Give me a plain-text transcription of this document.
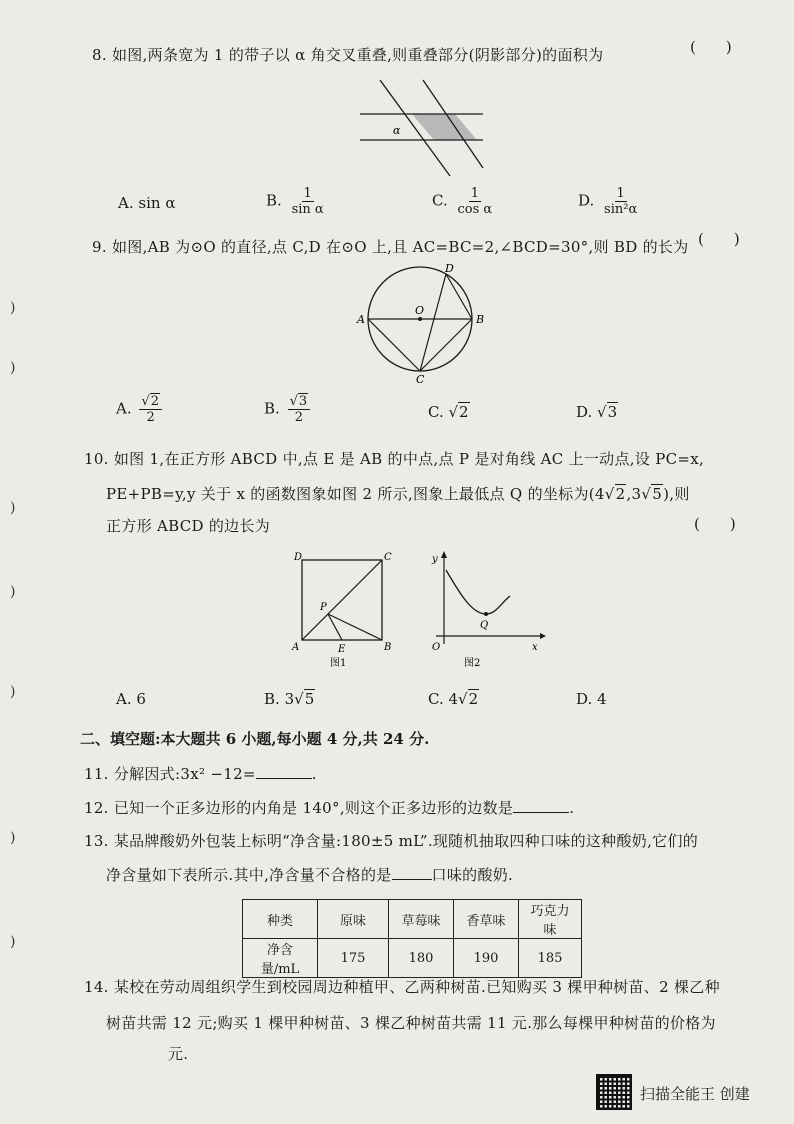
8. 如图,两条宽为 1 的带子以 α 角交叉重叠,则重叠部分(阴影部分)的面积为	(　　)
α
A. sin α	B. $\frac{1}{\text{sin α}}$	C. $\frac{1}{\text{cos α}}$	D. $\frac{1}{\text{sin²α}}$
9. 如图,AB 为⊙O 的直径,点 C,D 在⊙O 上,且 AC=BC=2,∠BCD=30°,则 BD 的长为 (　　)
A	B
C
D
O
A. $\frac{√2}{2}$	B. $\frac{√3}{2}$	C. √2	D. √3
10. 如图 1,在正方形 ABCD 中,点 E 是 AB 的中点,点 P 是对角线 AC 上一动点,设 PC=x,
PE+PB=y,y 关于 x 的函数图象如图 2 所示,图象上最低点 Q 的坐标为(4√2,3√5),则
正方形 ABCD 的边长为	(　　)
A	B
C
D
E
P
图1
y
x
O
Q
图2
A. 6	B. 3√5	C. 4√2	D. 4
二、填空题:本大题共 6 小题,每小题 4 分,共 24 分.
11. 分解因式:3x² −12=	.
12. 已知一个正多边形的内角是 140°,则这个正多边形的边数是	.
13. 某品牌酸奶外包装上标明“净含量:180±5 mL”.现随机抽取四种口味的这种酸奶,它们的
净含量如下表所示.其中,净含量不合格的是	口味的酸奶.
种类	原味	草莓味	香草味	巧克力味
净含量/mL	175	180	190	185
14. 某校在劳动周组织学生到校园周边种植甲、乙两种树苗.已知购买 3 棵甲种树苗、2 棵乙种
树苗共需 12 元;购买 1 棵甲种树苗、3 棵乙种树苗共需 11 元.那么每棵甲种树苗的价格为
元.
)
)
)
)
)
)
)
扫描全能王 创建
